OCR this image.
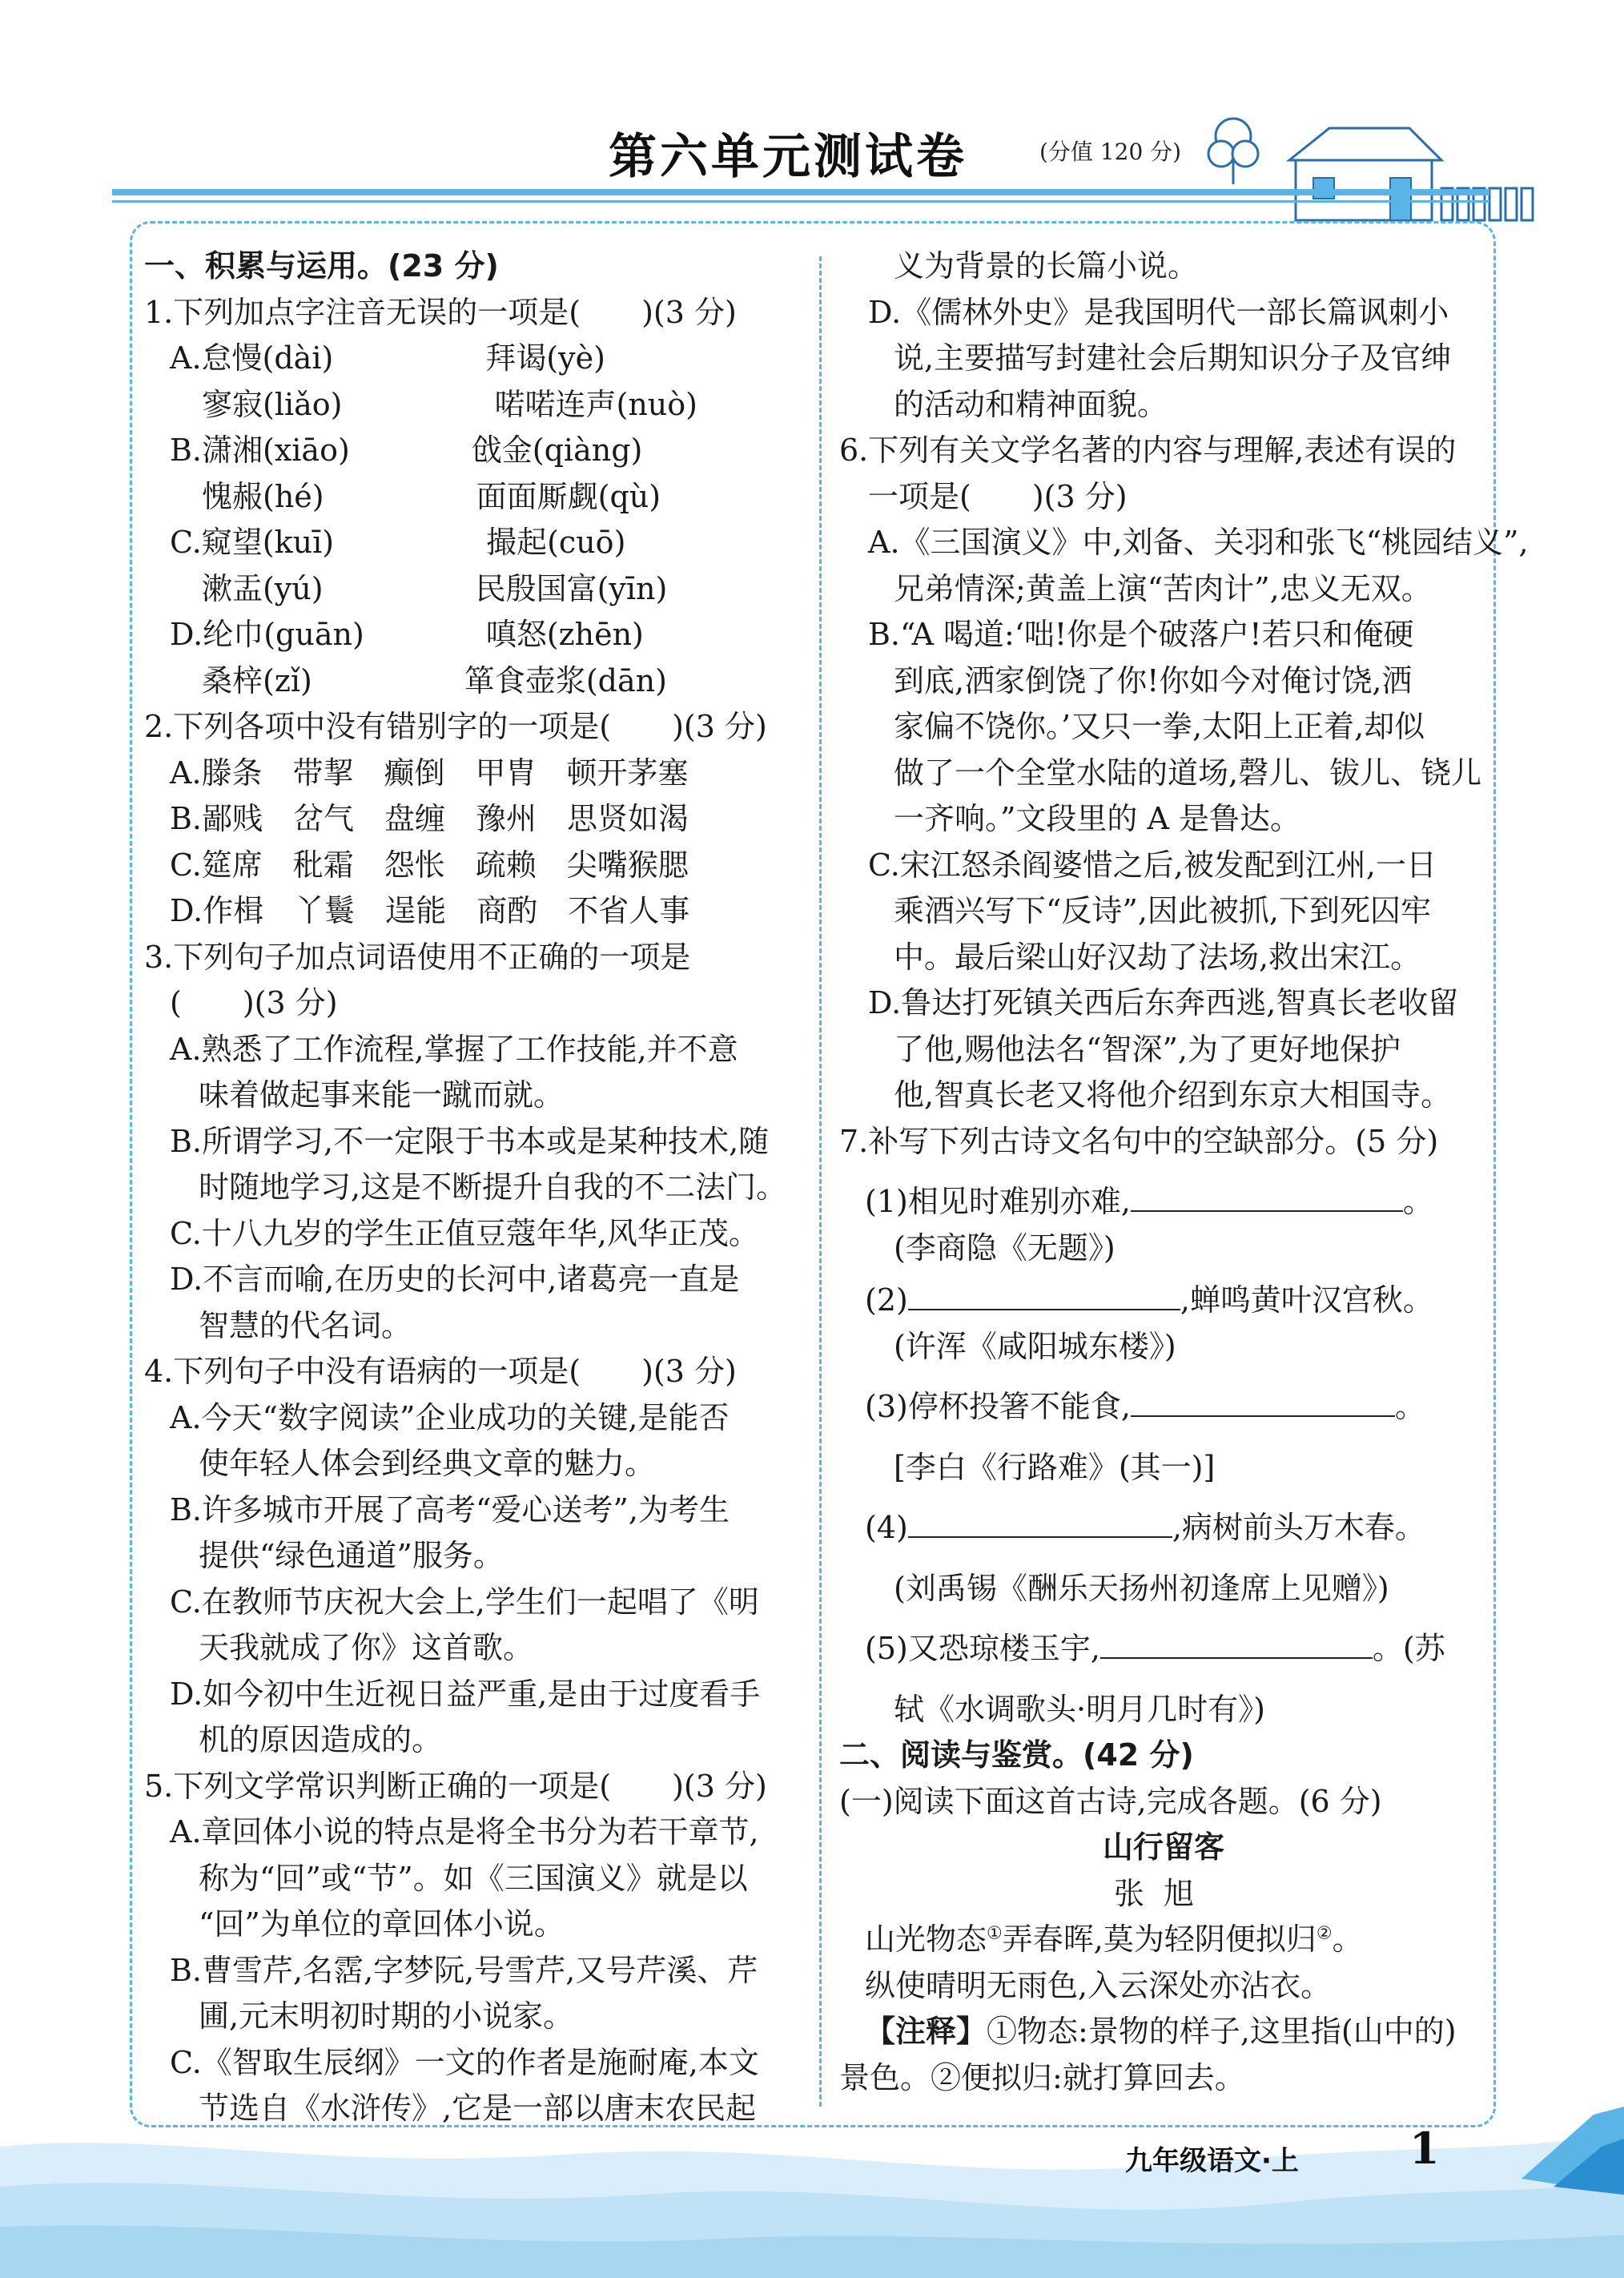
第六单元测试卷	(分值 120 分)

一、积累与运用。(23 分)

1.下列加点字注音无误的一项是(　　)(3 分)

A.怠慢(dài)　　　　　拜谒(yè)

寥寂(liǎo)　　　　　喏喏连声(nuò)

B.潇湘(xiāo)　　　　戗金(qiàng)

愧赧(hé)　　　　　面面厮觑(qù)

C.窥望(kuī)　　　　　撮起(cuō)

漱盂(yú)　　　　　民殷国富(yīn)

D.纶巾(guān)　　　　嗔怒(zhēn)

桑梓(zǐ)　　　　　箪食壶浆(dān)

2.下列各项中没有错别字的一项是(　　)(3 分)

A.滕条　带挈　癫倒　甲胄　顿开茅塞

B.鄙贱　岔气　盘缠　豫州　思贤如渴

C.筵席　秕霜　怨怅　疏赖　尖嘴猴腮

D.作楫　丫鬟　逞能　商酌　不省人事

3.下列句子加点词语使用不正确的一项是

(　　)(3 分)

A.熟悉了工作流程,掌握了工作技能,并不意

味着做起事来能一蹴而就。

B.所谓学习,不一定限于书本或是某种技术,随

时随地学习,这是不断提升自我的不二法门。

C.十八九岁的学生正值豆蔻年华,风华正茂。

D.不言而喻,在历史的长河中,诸葛亮一直是

智慧的代名词。

4.下列句子中没有语病的一项是(　　)(3 分)

A.今天“数字阅读”企业成功的关键,是能否

使年轻人体会到经典文章的魅力。

B.许多城市开展了高考“爱心送考”,为考生

提供“绿色通道”服务。

C.在教师节庆祝大会上,学生们一起唱了《明

天我就成了你》这首歌。

D.如今初中生近视日益严重,是由于过度看手

机的原因造成的。

5.下列文学常识判断正确的一项是(　　)(3 分)

A.章回体小说的特点是将全书分为若干章节,

称为“回”或“节”。如《三国演义》就是以

“回”为单位的章回体小说。

B.曹雪芹,名霑,字梦阮,号雪芹,又号芹溪、芹

圃,元末明初时期的小说家。

C.《智取生辰纲》一文的作者是施耐庵,本文

节选自《水浒传》,它是一部以唐末农民起

义为背景的长篇小说。

D.《儒林外史》是我国明代一部长篇讽刺小

说,主要描写封建社会后期知识分子及官绅

的活动和精神面貌。

6.下列有关文学名著的内容与理解,表述有误的

一项是(　　)(3 分)

A.《三国演义》中,刘备、关羽和张飞“桃园结义”,

兄弟情深;黄盖上演“苦肉计”,忠义无双。

B.“A 喝道:‘咄!你是个破落户!若只和俺硬

到底,洒家倒饶了你!你如今对俺讨饶,洒

家偏不饶你。’又只一拳,太阳上正着,却似

做了一个全堂水陆的道场,磬儿、钹儿、铙儿

一齐响。”文段里的 A 是鲁达。

C.宋江怒杀阎婆惜之后,被发配到江州,一日

乘酒兴写下“反诗”,因此被抓,下到死囚牢

中。最后梁山好汉劫了法场,救出宋江。

D.鲁达打死镇关西后东奔西逃,智真长老收留

了他,赐他法名“智深”,为了更好地保护

他,智真长老又将他介绍到东京大相国寺。

7.补写下列古诗文名句中的空缺部分。(5 分)

(1)相见时难别亦难,	。

(李商隐《无题》)

(2)	,蝉鸣黄叶汉宫秋。

(许浑《咸阳城东楼》)

(3)停杯投箸不能食,	。

[李白《行路难》(其一)]

(4)	,病树前头万木春。

(刘禹锡《酬乐天扬州初逢席上见赠》)

(5)又恐琼楼玉宇,	。(苏

轼《水调歌头·明月几时有》)

二、阅读与鉴赏。(42 分)

(一)阅读下面这首古诗,完成各题。(6 分)

山行留客

张旭

山光物态①弄春晖,莫为轻阴便拟归②。

纵使晴明无雨色,入云深处亦沾衣。

【注释】①物态:景物的样子,这里指(山中的)

景色。②便拟归:就打算回去。

九年级语文·上	1
